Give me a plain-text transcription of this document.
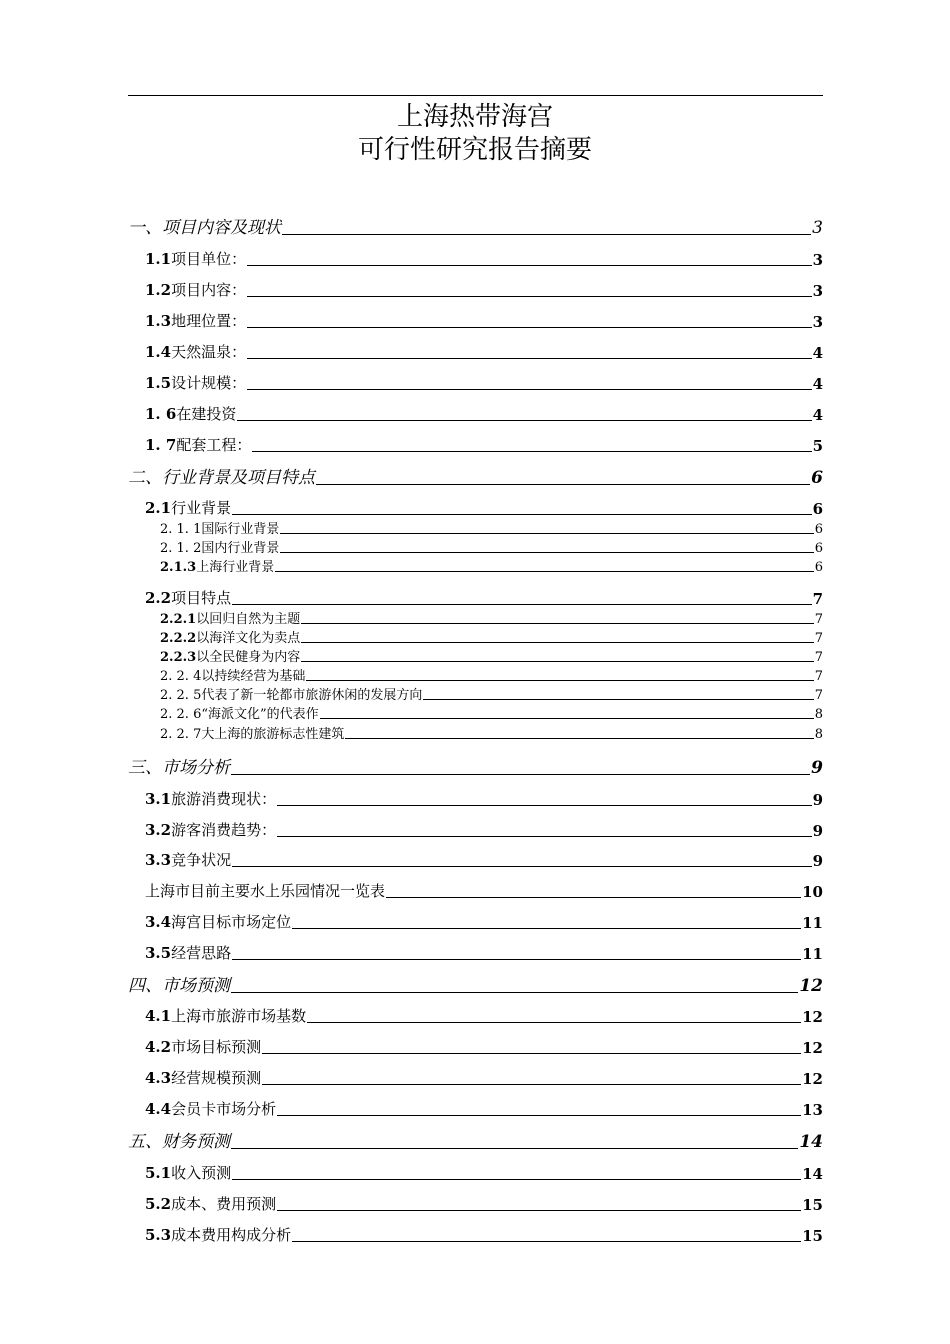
上海热带海宫
可行性研究报告摘要
一、项目内容及现状	3
1.1项目单位：	3
1.2项目内容：	3
1.3地理位置：	3
1.4天然温泉：	4
1.5设计规模：	4
1. 6在建投资	4
1. 7配套工程：	5
二、行业背景及项目特点	6
2.1行业背景	6
2. 1. 1国际行业背景	6
2. 1. 2国内行业背景	6
2.1.3上海行业背景	6
2.2项目特点	7
2.2.1以回归自然为主题	7
2.2.2以海洋文化为卖点	7
2.2.3以全民健身为内容	7
2. 2. 4以持续经营为基础	7
2. 2. 5代表了新一轮都市旅游休闲的发展方向	7
2. 2. 6“海派文化”的代表作	8
2. 2. 7大上海的旅游标志性建筑	8
三、市场分析	9
3.1旅游消费现状：	9
3.2游客消费趋势：	9
3.3竞争状况	9
上海市目前主要水上乐园情况一览表	10
3.4海宫目标市场定位	11
3.5经营思路	11
四、市场预测	12
4.1上海市旅游市场基数	12
4.2市场目标预测	12
4.3经营规模预测	12
4.4会员卡市场分析	13
五、财务预测	14
5.1收入预测	14
5.2成本、费用预测	15
5.3成本费用构成分析	15
